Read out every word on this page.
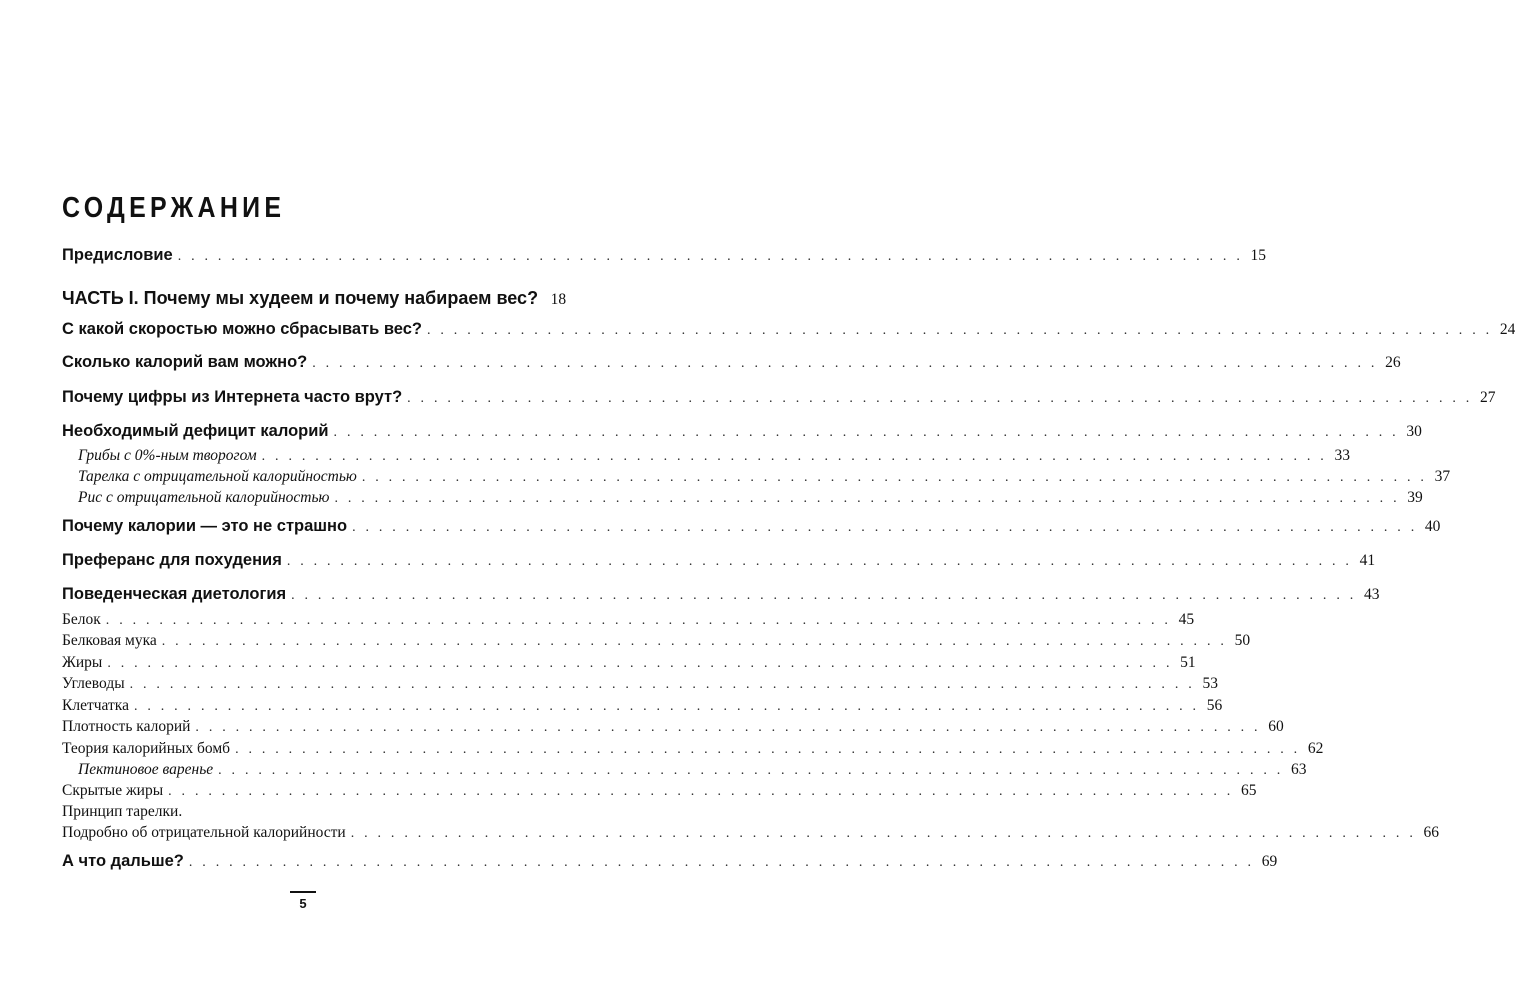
СОДЕРЖАНИЕ
Предисловие . . . . . . . . . . . . . . . . . . . . . . . . . . . . . . . . . . . . . . . . . . . . . . . . . . . . . . . . . . . . . . . . . . . . . . . . . . . . . . . . 15
ЧАСТЬ I. Почему мы худеем и почему набираем вес? 18
С какой скоростью можно сбрасывать вес? . . . . . . . . . . . . . . . . . . . . . . . . . . . . . . . . . . . . . . . . . . . . . . . . . . . . . . . . . . . . . . . . . . . . . . . . . . . . . . . . 24
Сколько калорий вам можно? . . . . . . . . . . . . . . . . . . . . . . . . . . . . . . . . . . . . . . . . . . . . . . . . . . . . . . . . . . . . . . . . . . . . . . . . . . . . . . . . 26
Почему цифры из Интернета часто врут? . . . . . . . . . . . . . . . . . . . . . . . . . . . . . . . . . . . . . . . . . . . . . . . . . . . . . . . . . . . . . . . . . . . . . . . . . . . . . . . . 27
Необходимый дефицит калорий . . . . . . . . . . . . . . . . . . . . . . . . . . . . . . . . . . . . . . . . . . . . . . . . . . . . . . . . . . . . . . . . . . . . . . . . . . . . . . . . 30
Грибы с 0%-ным творогом . . . . . . . . . . . . . . . . . . . . . . . . . . . . . . . . . . . . . . . . . . . . . . . . . . . . . . . . . . . . . . . . . . . . . . . . . . . . . . . . 33
Тарелка с отрицательной калорийностью . . . . . . . . . . . . . . . . . . . . . . . . . . . . . . . . . . . . . . . . . . . . . . . . . . . . . . . . . . . . . . . . . . . . . . . . . . . . . . . . 37
Рис с отрицательной калорийностью . . . . . . . . . . . . . . . . . . . . . . . . . . . . . . . . . . . . . . . . . . . . . . . . . . . . . . . . . . . . . . . . . . . . . . . . . . . . . . . . 39
Почему калории — это не страшно . . . . . . . . . . . . . . . . . . . . . . . . . . . . . . . . . . . . . . . . . . . . . . . . . . . . . . . . . . . . . . . . . . . . . . . . . . . . . . . . 40
Преферанс для похудения . . . . . . . . . . . . . . . . . . . . . . . . . . . . . . . . . . . . . . . . . . . . . . . . . . . . . . . . . . . . . . . . . . . . . . . . . . . . . . . . 41
Поведенческая диетология . . . . . . . . . . . . . . . . . . . . . . . . . . . . . . . . . . . . . . . . . . . . . . . . . . . . . . . . . . . . . . . . . . . . . . . . . . . . . . . . 43
Белок . . . . . . . . . . . . . . . . . . . . . . . . . . . . . . . . . . . . . . . . . . . . . . . . . . . . . . . . . . . . . . . . . . . . . . . . . . . . . . . . 45
Белковая мука . . . . . . . . . . . . . . . . . . . . . . . . . . . . . . . . . . . . . . . . . . . . . . . . . . . . . . . . . . . . . . . . . . . . . . . . . . . . . . . . 50
Жиры . . . . . . . . . . . . . . . . . . . . . . . . . . . . . . . . . . . . . . . . . . . . . . . . . . . . . . . . . . . . . . . . . . . . . . . . . . . . . . . . 51
Углеводы . . . . . . . . . . . . . . . . . . . . . . . . . . . . . . . . . . . . . . . . . . . . . . . . . . . . . . . . . . . . . . . . . . . . . . . . . . . . . . . . 53
Клетчатка . . . . . . . . . . . . . . . . . . . . . . . . . . . . . . . . . . . . . . . . . . . . . . . . . . . . . . . . . . . . . . . . . . . . . . . . . . . . . . . . 56
Плотность калорий . . . . . . . . . . . . . . . . . . . . . . . . . . . . . . . . . . . . . . . . . . . . . . . . . . . . . . . . . . . . . . . . . . . . . . . . . . . . . . . . 60
Теория калорийных бомб . . . . . . . . . . . . . . . . . . . . . . . . . . . . . . . . . . . . . . . . . . . . . . . . . . . . . . . . . . . . . . . . . . . . . . . . . . . . . . . . 62
Пектиновое варенье . . . . . . . . . . . . . . . . . . . . . . . . . . . . . . . . . . . . . . . . . . . . . . . . . . . . . . . . . . . . . . . . . . . . . . . . . . . . . . . . 63
Скрытые жиры . . . . . . . . . . . . . . . . . . . . . . . . . . . . . . . . . . . . . . . . . . . . . . . . . . . . . . . . . . . . . . . . . . . . . . . . . . . . . . . . 65
Принцип тарелки.
Подробно об отрицательной калорийности . . . . . . . . . . . . . . . . . . . . . . . . . . . . . . . . . . . . . . . . . . . . . . . . . . . . . . . . . . . . . . . . . . . . . . . . . . . . . . . . 66
А что дальше? . . . . . . . . . . . . . . . . . . . . . . . . . . . . . . . . . . . . . . . . . . . . . . . . . . . . . . . . . . . . . . . . . . . . . . . . . . . . . . . . 69
5
